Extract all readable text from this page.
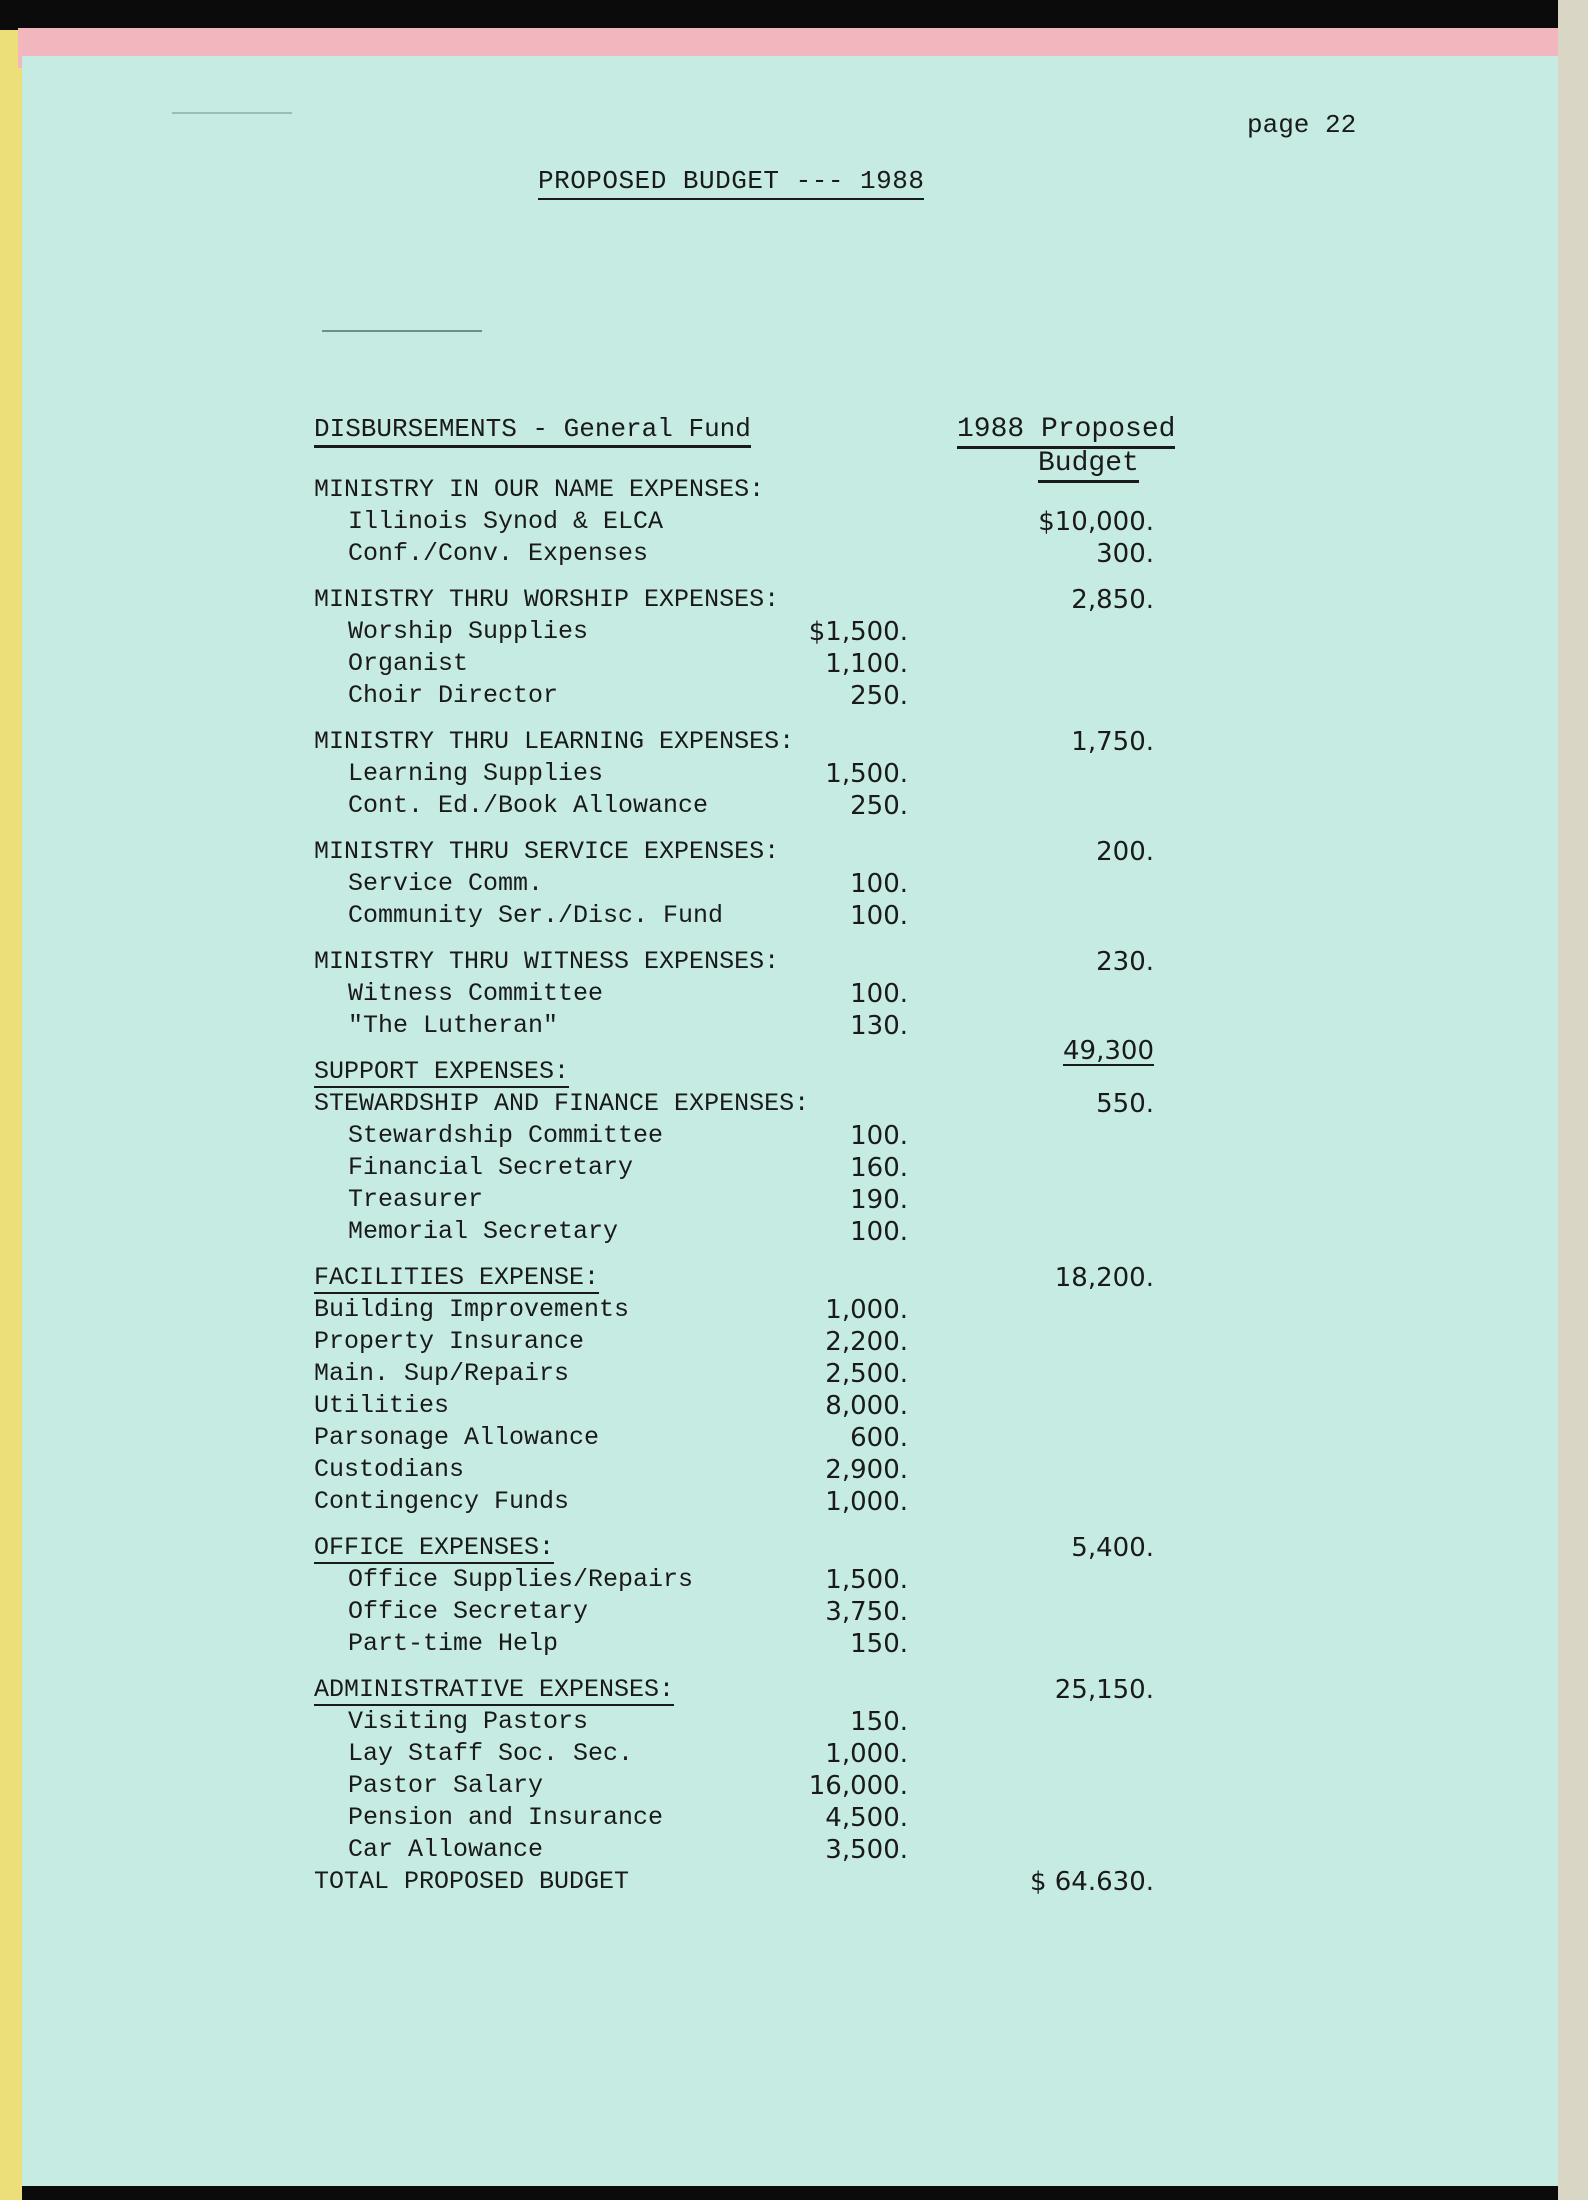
page 22
PROPOSED BUDGET --- 1988
DISBURSEMENTS - General Fund	1988 Proposed
Budget
MINISTRY IN OUR NAME EXPENSES:
Illinois Synod & ELCA	$10,000.
Conf./Conv. Expenses	300.
MINISTRY THRU WORSHIP EXPENSES:	2,850.
Worship Supplies	$1,500.
Organist	1,100.
Choir Director	250.
MINISTRY THRU LEARNING EXPENSES:	1,750.
Learning Supplies	1,500.
Cont. Ed./Book Allowance	250.
MINISTRY THRU SERVICE EXPENSES:	200.
Service Comm.	100.
Community Ser./Disc. Fund	100.
MINISTRY THRU WITNESS EXPENSES:	230.
Witness Committee	100.
"The Lutheran"	130.
SUPPORT EXPENSES:
49,300
STEWARDSHIP AND FINANCE EXPENSES:	550.
Stewardship Committee	100.
Financial Secretary	160.
Treasurer	190.
Memorial Secretary	100.
FACILITIES EXPENSE:	18,200.
Building Improvements	1,000.
Property Insurance	2,200.
Main. Sup/Repairs	2,500.
Utilities	8,000.
Parsonage Allowance	600.
Custodians	2,900.
Contingency Funds	1,000.
OFFICE EXPENSES:	5,400.
Office Supplies/Repairs	1,500.
Office Secretary	3,750.
Part-time Help	150.
ADMINISTRATIVE EXPENSES:	25,150.
Visiting Pastors	150.
Lay Staff Soc. Sec.	1,000.
Pastor Salary	16,000.
Pension and Insurance	4,500.
Car Allowance	3,500.
TOTAL PROPOSED BUDGET	$ 64.630.
